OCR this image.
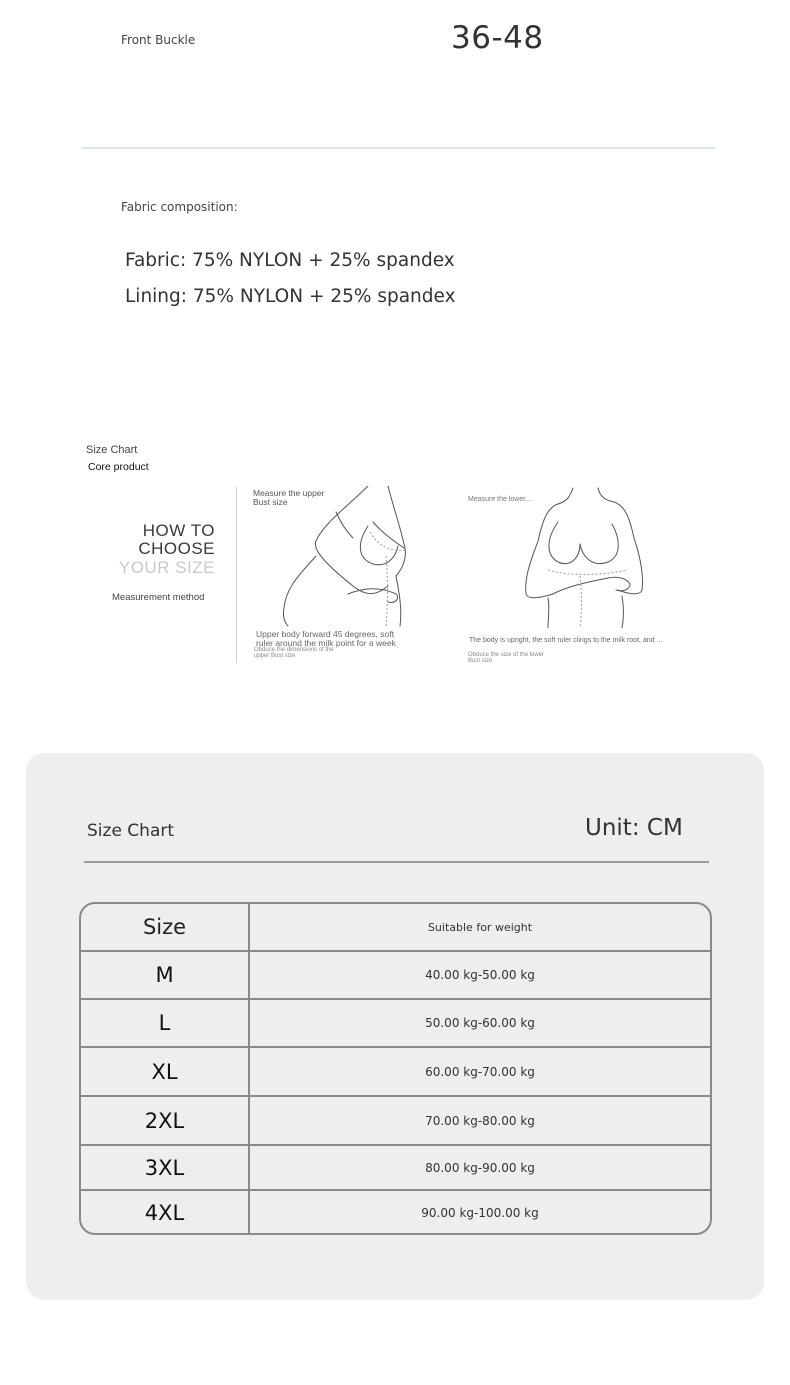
Front Buckle	36-48
Fabric composition:
Fabric: 75% NYLON + 25% spandex
Lining: 75% NYLON + 25% spandex
Size Chart
Core product
HOW TO
CHOOSE
YOUR SIZE
Measurement method
Measure the upper Bust size
Upper body forward 45 degrees, soft ruler around the milk point for a week
Obduce the dimensions of the upper Bust size
Measure the lower...
The body is upright, the soft ruler clings to the milk root, and ...
Obduce the size of the lower Bust size
Size Chart	Unit: CM
Size	Suitable for weight
M	40.00 kg-50.00 kg
L	50.00 kg-60.00 kg
XL	60.00 kg-70.00 kg
2XL	70.00 kg-80.00 kg
3XL	80.00 kg-90.00 kg
4XL	90.00 kg-100.00 kg
